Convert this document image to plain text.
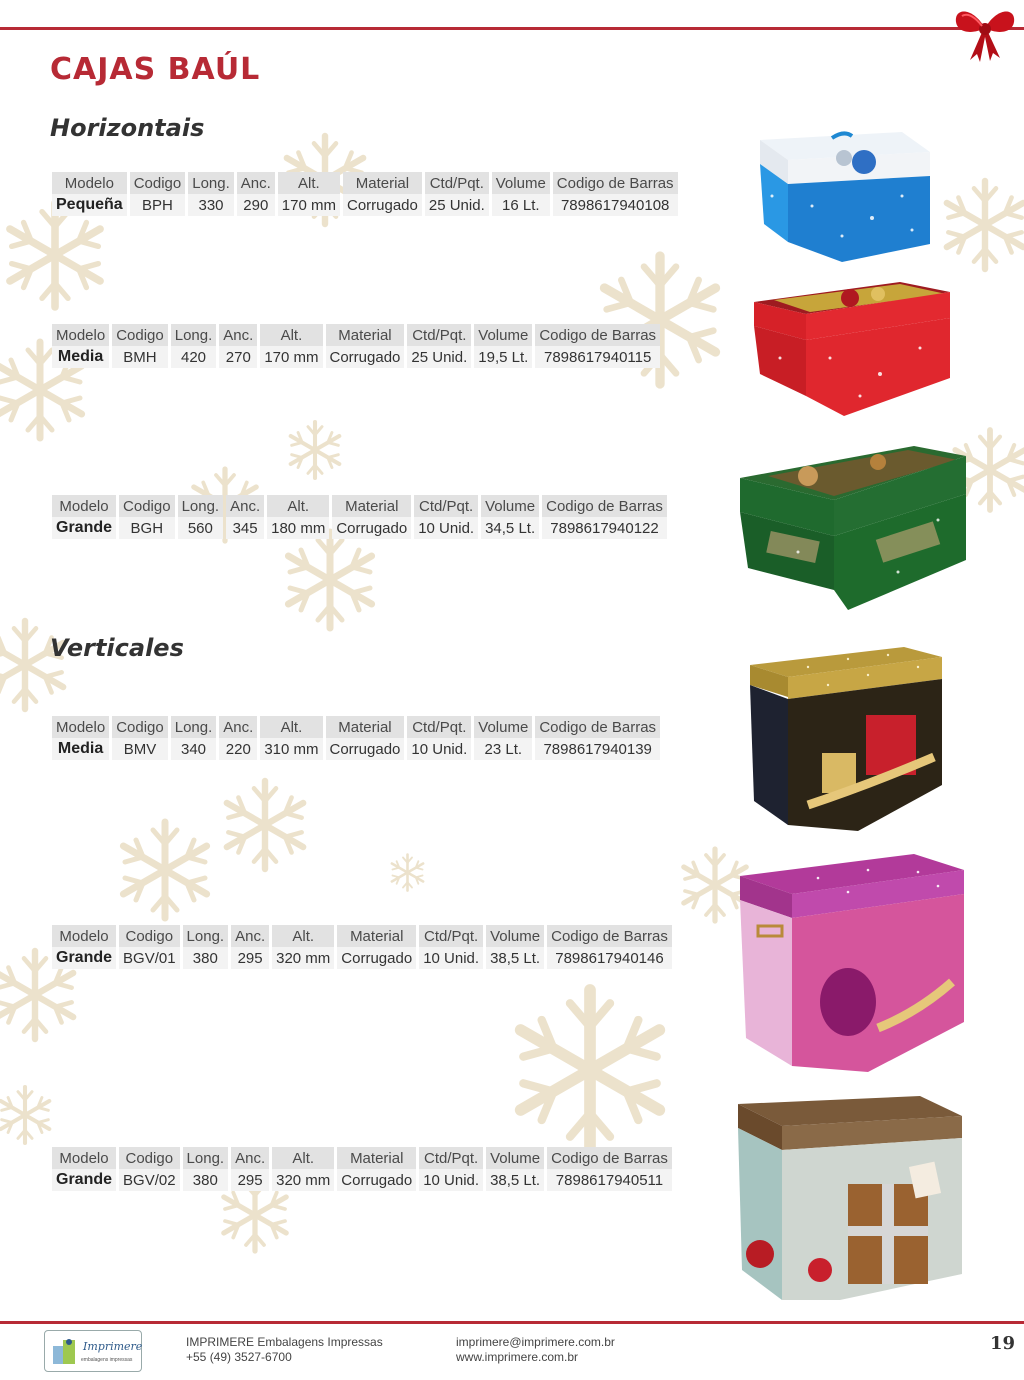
CAJAS BAÚL
Horizontais
Verticales
Modelo	Codigo	Long.	Anc.	Alt.	Material	Ctd/Pqt.	Volume	Codigo de Barras
Pequeña	BPH	330	290	170 mm	Corrugado	25 Unid.	16 Lt.	7898617940108
Modelo	Codigo	Long.	Anc.	Alt.	Material	Ctd/Pqt.	Volume	Codigo de Barras
Media	BMH	420	270	170 mm	Corrugado	25 Unid.	19,5 Lt.	7898617940115
Modelo	Codigo	Long.	Anc.	Alt.	Material	Ctd/Pqt.	Volume	Codigo de Barras
Grande	BGH	560	345	180 mm	Corrugado	10 Unid.	34,5 Lt.	7898617940122
Modelo	Codigo	Long.	Anc.	Alt.	Material	Ctd/Pqt.	Volume	Codigo de Barras
Media	BMV	340	220	310 mm	Corrugado	10 Unid.	23 Lt.	7898617940139
Modelo	Codigo	Long.	Anc.	Alt.	Material	Ctd/Pqt.	Volume	Codigo de Barras
Grande	BGV/01	380	295	320 mm	Corrugado	10 Unid.	38,5 Lt.	7898617940146
Modelo	Codigo	Long.	Anc.	Alt.	Material	Ctd/Pqt.	Volume	Codigo de Barras
Grande	BGV/02	380	295	320 mm	Corrugado	10 Unid.	38,5 Lt.	7898617940511
Imprimere
embalagens impressas
IMPRIMERE Embalagens Impressas
+55 (49) 3527-6700
imprimere@imprimere.com.br
www.imprimere.com.br
19
